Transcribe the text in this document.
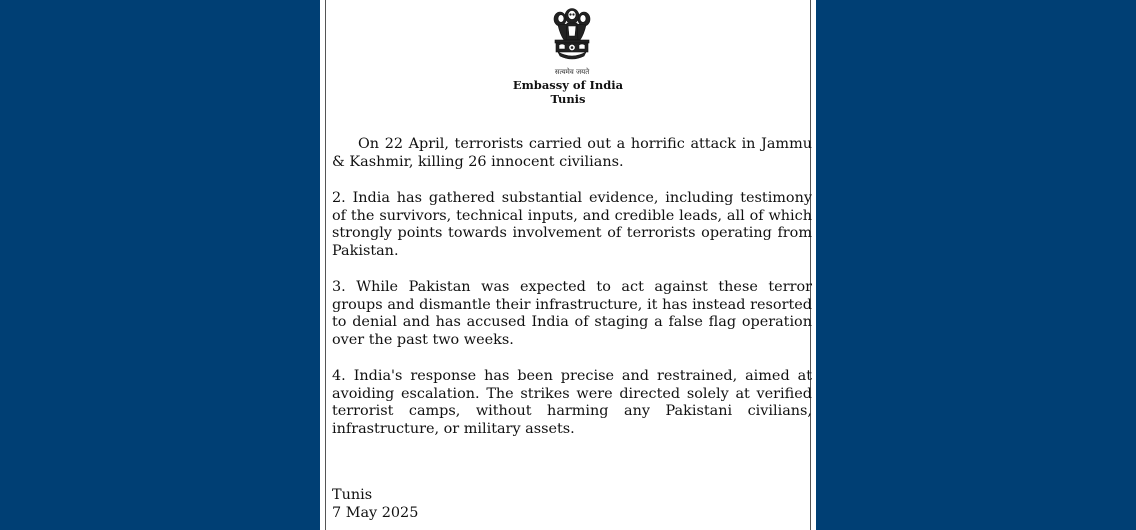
सत्यमेव जयते
Embassy of India
Tunis
On 22 April, terrorists carried out a horrific attack in Jammu & Kashmir, killing 26 innocent civilians.
2. India has gathered substantial evidence, including testimony of the survivors, technical inputs, and credible leads, all of which strongly points towards involvement of terrorists operating from Pakistan.
3. While Pakistan was expected to act against these terror groups and dismantle their infrastructure, it has instead resorted to denial and has accused India of staging a false flag operation over the past two weeks.
4. India's response has been precise and restrained, aimed at avoiding escalation. The strikes were directed solely at verified terrorist camps, without harming any Pakistani civilians, infrastructure, or military assets.
Tunis
7 May 2025
